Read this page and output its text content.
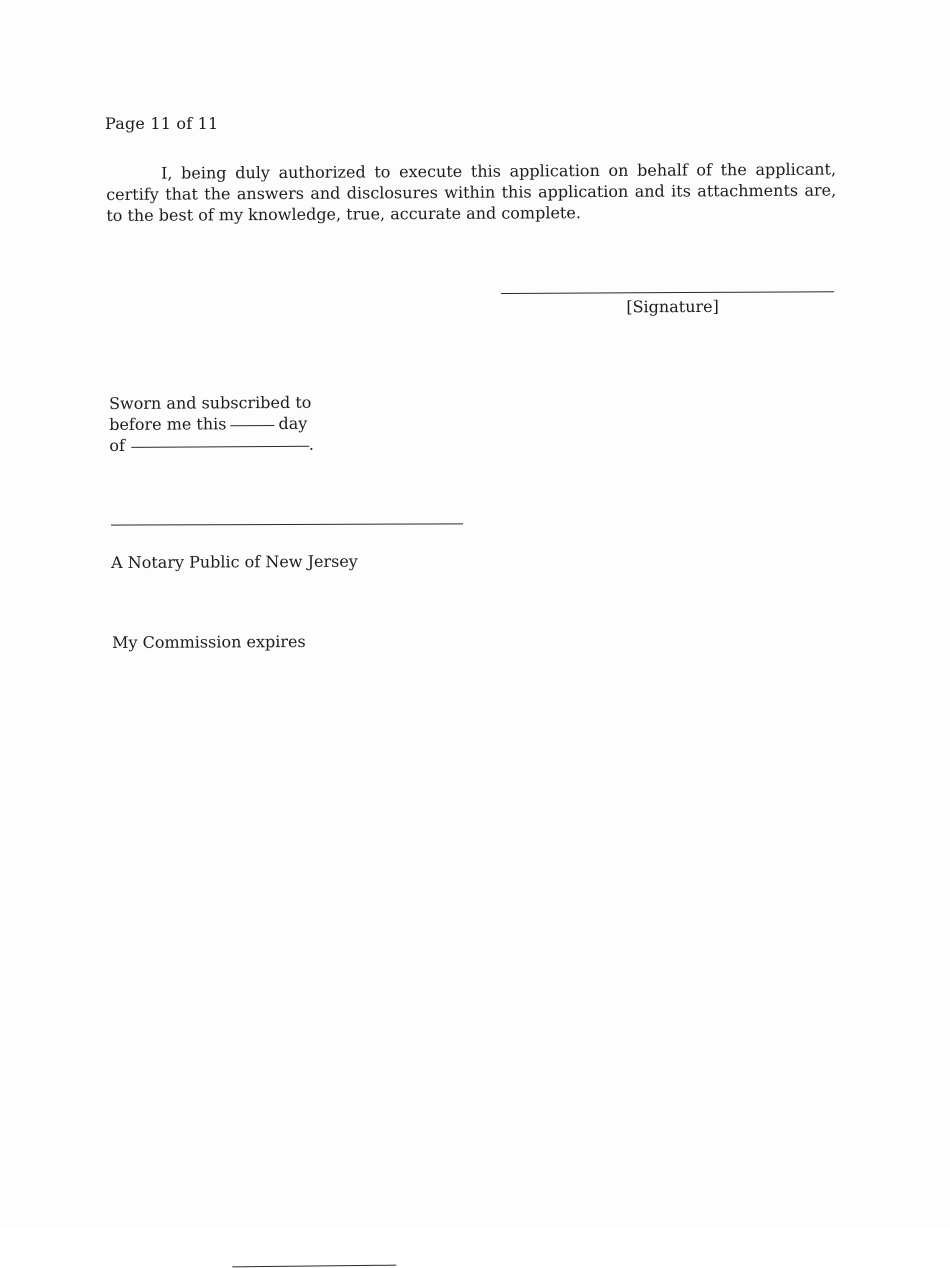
Page 11 of 11

I, being duly authorized to execute this application on behalf of the applicant, certify that the answers and disclosures within this application and its attachments are, to the best of my knowledge, true, accurate and complete.

[Signature]
Sworn and subscribed to
before me this	day
of	.
A Notary Public of New Jersey
My Commission expires
